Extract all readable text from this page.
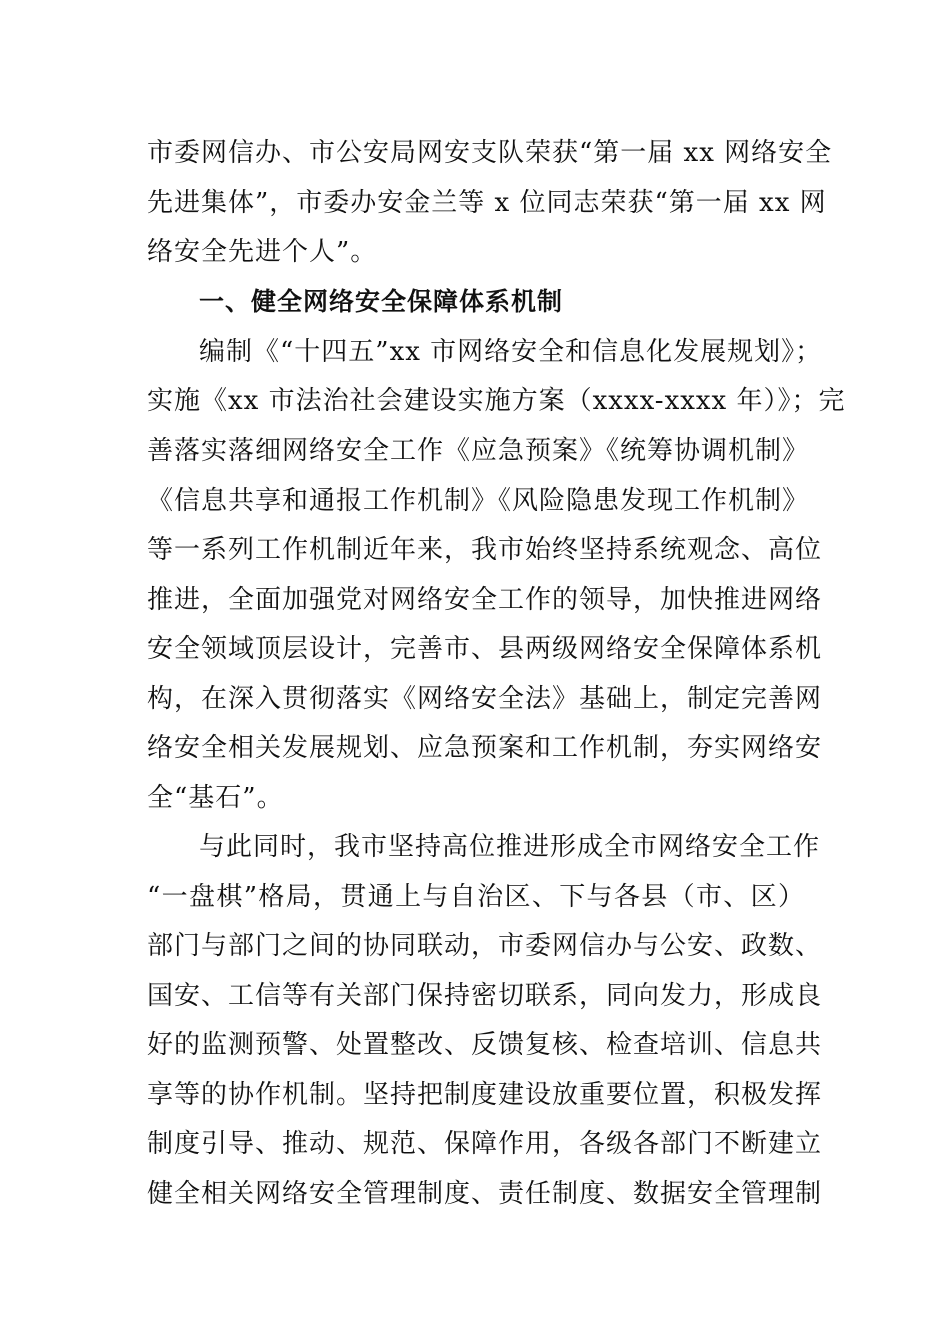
市委网信办、市公安局网安支队荣获“第一届 xx 网络安全
先进集体”，市委办安金兰等 x 位同志荣获“第一届 xx 网
络安全先进个人”。
一、健全网络安全保障体系机制
编制《“十四五”xx 市网络安全和信息化发展规划》；
实施《xx 市法治社会建设实施方案（xxxx-xxxx 年）》；完
善落实落细网络安全工作《应急预案》《统筹协调机制》
《信息共享和通报工作机制》《风险隐患发现工作机制》
等一系列工作机制近年来，我市始终坚持系统观念、高位
推进，全面加强党对网络安全工作的领导，加快推进网络
安全领域顶层设计，完善市、县两级网络安全保障体系机
构，在深入贯彻落实《网络安全法》基础上，制定完善网
络安全相关发展规划、应急预案和工作机制，夯实网络安
全“基石”。
与此同时，我市坚持高位推进形成全市网络安全工作
“一盘棋”格局，贯通上与自治区、下与各县（市、区）
部门与部门之间的协同联动，市委网信办与公安、政数、
国安、工信等有关部门保持密切联系，同向发力，形成良
好的监测预警、处置整改、反馈复核、检查培训、信息共
享等的协作机制。坚持把制度建设放重要位置，积极发挥
制度引导、推动、规范、保障作用，各级各部门不断建立
健全相关网络安全管理制度、责任制度、数据安全管理制
